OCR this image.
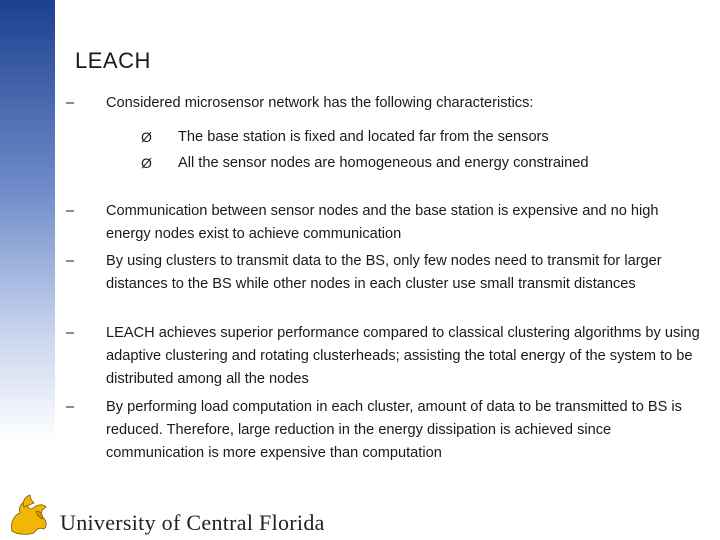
LEACH
–	Considered microsensor network has the following characteristics:
Ø The base station is fixed and located far from the sensors
Ø All the sensor nodes are homogeneous and energy constrained
–	Communication between sensor nodes and the base station is expensive and no high energy nodes exist to achieve communication
–	By using clusters to transmit data to the BS, only few nodes need to transmit for larger distances to the BS while other nodes in each cluster use small transmit distances
–	LEACH achieves superior performance compared to classical clustering algorithms by using adaptive clustering and rotating clusterheads; assisting the total energy of the system to be distributed among all the nodes
–	By performing load computation in each cluster, amount of data to be transmitted to BS is reduced. Therefore, large reduction in the energy dissipation is achieved since communication is more expensive than computation
University of Central Florida
